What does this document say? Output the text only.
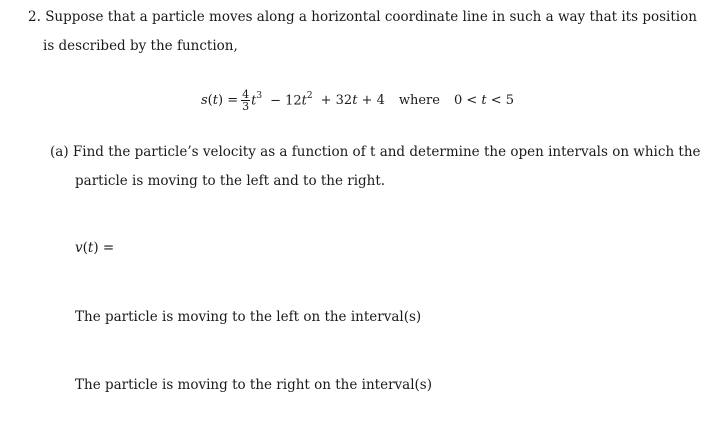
2. Suppose that a particle moves along a horizontal coordinate line in such a way that its position
is described by the function,
$s(t) = \frac{4}{3} t^3 - 12t^2 + 32t + 4$ where 0 < t < 5
(a) Find the particle’s velocity as a function of t and determine the open intervals on which the
particle is moving to the left and to the right.
v(t) =
The particle is moving to the left on the interval(s)
The particle is moving to the right on the interval(s)
